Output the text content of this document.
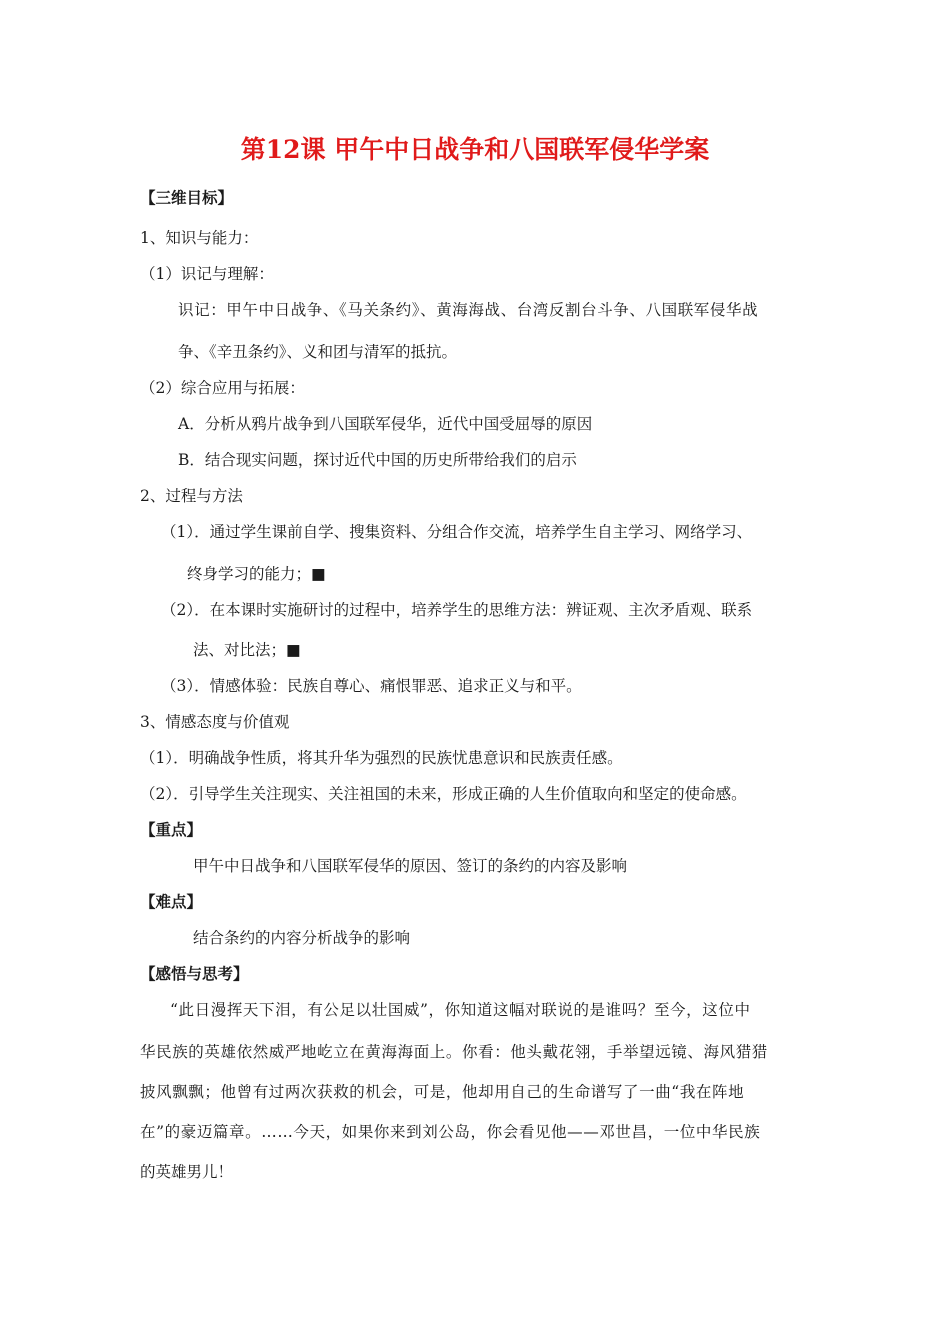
第12课 甲午中日战争和八国联军侵华学案
【三维目标】
1、知识与能力：
（1）识记与理解：
识记：甲午中日战争、《马关条约》、黄海海战、台湾反割台斗争、八国联军侵华战
争、《辛丑条约》、义和团与清军的抵抗。
（2）综合应用与拓展：
A．分析从鸦片战争到八国联军侵华，近代中国受屈辱的原因
B．结合现实问题，探讨近代中国的历史所带给我们的启示
2、过程与方法
（1）．通过学生课前自学、搜集资料、分组合作交流，培养学生自主学习、网络学习、
终身学习的能力；■
（2）．在本课时实施研讨的过程中，培养学生的思维方法：辨证观、主次矛盾观、联系
法、对比法；■
（3）．情感体验：民族自尊心、痛恨罪恶、追求正义与和平。
3、情感态度与价值观
（1）．明确战争性质，将其升华为强烈的民族忧患意识和民族责任感。
（2）．引导学生关注现实、关注祖国的未来，形成正确的人生价值取向和坚定的使命感。
【重点】
甲午中日战争和八国联军侵华的原因、签订的条约的内容及影响
【难点】
结合条约的内容分析战争的影响
【感悟与思考】
“此日漫挥天下泪，有公足以壮国威”，你知道这幅对联说的是谁吗？至今，这位中
华民族的英雄依然威严地屹立在黄海海面上。你看：他头戴花翎，手举望远镜、海风猎猎
披风飘飘；他曾有过两次获救的机会，可是，他却用自己的生命谱写了一曲“我在阵地
在”的豪迈篇章。……今天，如果你来到刘公岛，你会看见他——邓世昌，一位中华民族
的英雄男儿！
